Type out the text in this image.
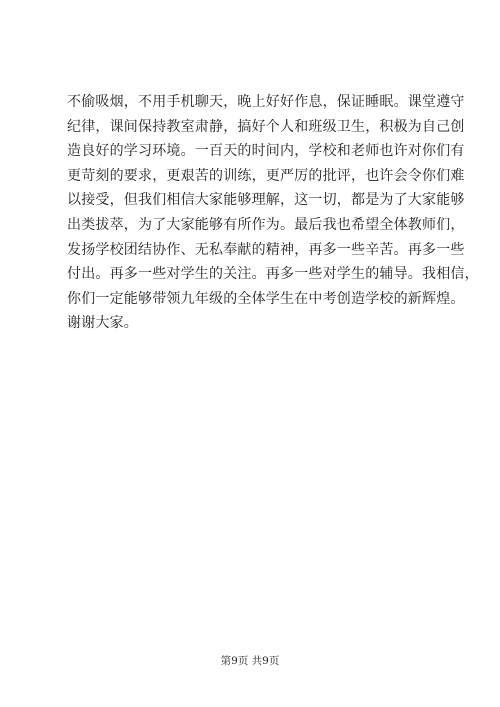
不偷吸烟，不用手机聊天，晚上好好作息，保证睡眠。课堂遵守
纪律，课间保持教室肃静，搞好个人和班级卫生，积极为自己创
造良好的学习环境。一百天的时间内，学校和老师也许对你们有
更苛刻的要求，更艰苦的训练，更严厉的批评，也许会令你们难
以接受，但我们相信大家能够理解，这一切，都是为了大家能够
出类拔萃，为了大家能够有所作为。最后我也希望全体教师们，
发扬学校团结协作、无私奉献的精神，再多一些辛苦。再多一些
付出。再多一些对学生的关注。再多一些对学生的辅导。我相信，
你们一定能够带领九年级的全体学生在中考创造学校的新辉煌。
谢谢大家。
第9页 共9页
